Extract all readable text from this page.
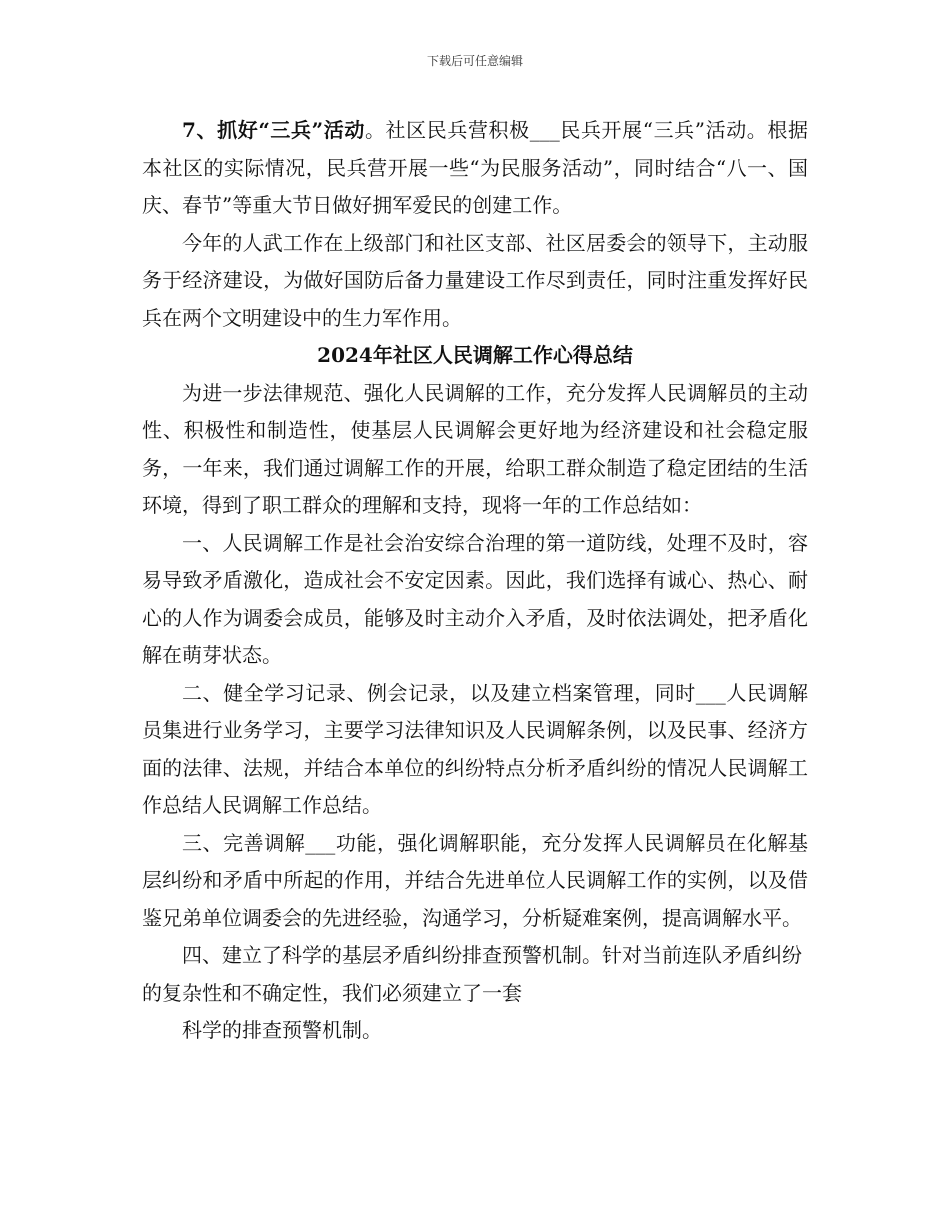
下载后可任意编辑

7、抓好“三兵”活动。社区民兵营积极___民兵开展“三兵”活动。根据本社区的实际情况，民兵营开展一些“为民服务活动”，同时结合“八一、国庆、春节”等重大节日做好拥军爱民的创建工作。

今年的人武工作在上级部门和社区支部、社区居委会的领导下，主动服务于经济建设，为做好国防后备力量建设工作尽到责任，同时注重发挥好民兵在两个文明建设中的生力军作用。

2024年社区人民调解工作心得总结

为进一步法律规范、强化人民调解的工作，充分发挥人民调解员的主动性、积极性和制造性，使基层人民调解会更好地为经济建设和社会稳定服务，一年来，我们通过调解工作的开展，给职工群众制造了稳定团结的生活环境，得到了职工群众的理解和支持，现将一年的工作总结如：

一、人民调解工作是社会治安综合治理的第一道防线，处理不及时，容易导致矛盾激化，造成社会不安定因素。因此，我们选择有诚心、热心、耐心的人作为调委会成员，能够及时主动介入矛盾，及时依法调处，把矛盾化解在萌芽状态。

二、健全学习记录、例会记录，以及建立档案管理，同时___人民调解员集进行业务学习，主要学习法律知识及人民调解条例，以及民事、经济方面的法律、法规，并结合本单位的纠纷特点分析矛盾纠纷的情况人民调解工作总结人民调解工作总结。

三、完善调解___功能，强化调解职能，充分发挥人民调解员在化解基层纠纷和矛盾中所起的作用，并结合先进单位人民调解工作的实例，以及借鉴兄弟单位调委会的先进经验，沟通学习，分析疑难案例，提高调解水平。

四、建立了科学的基层矛盾纠纷排查预警机制。针对当前连队矛盾纠纷的复杂性和不确定性，我们必须建立了一套

科学的排查预警机制。
